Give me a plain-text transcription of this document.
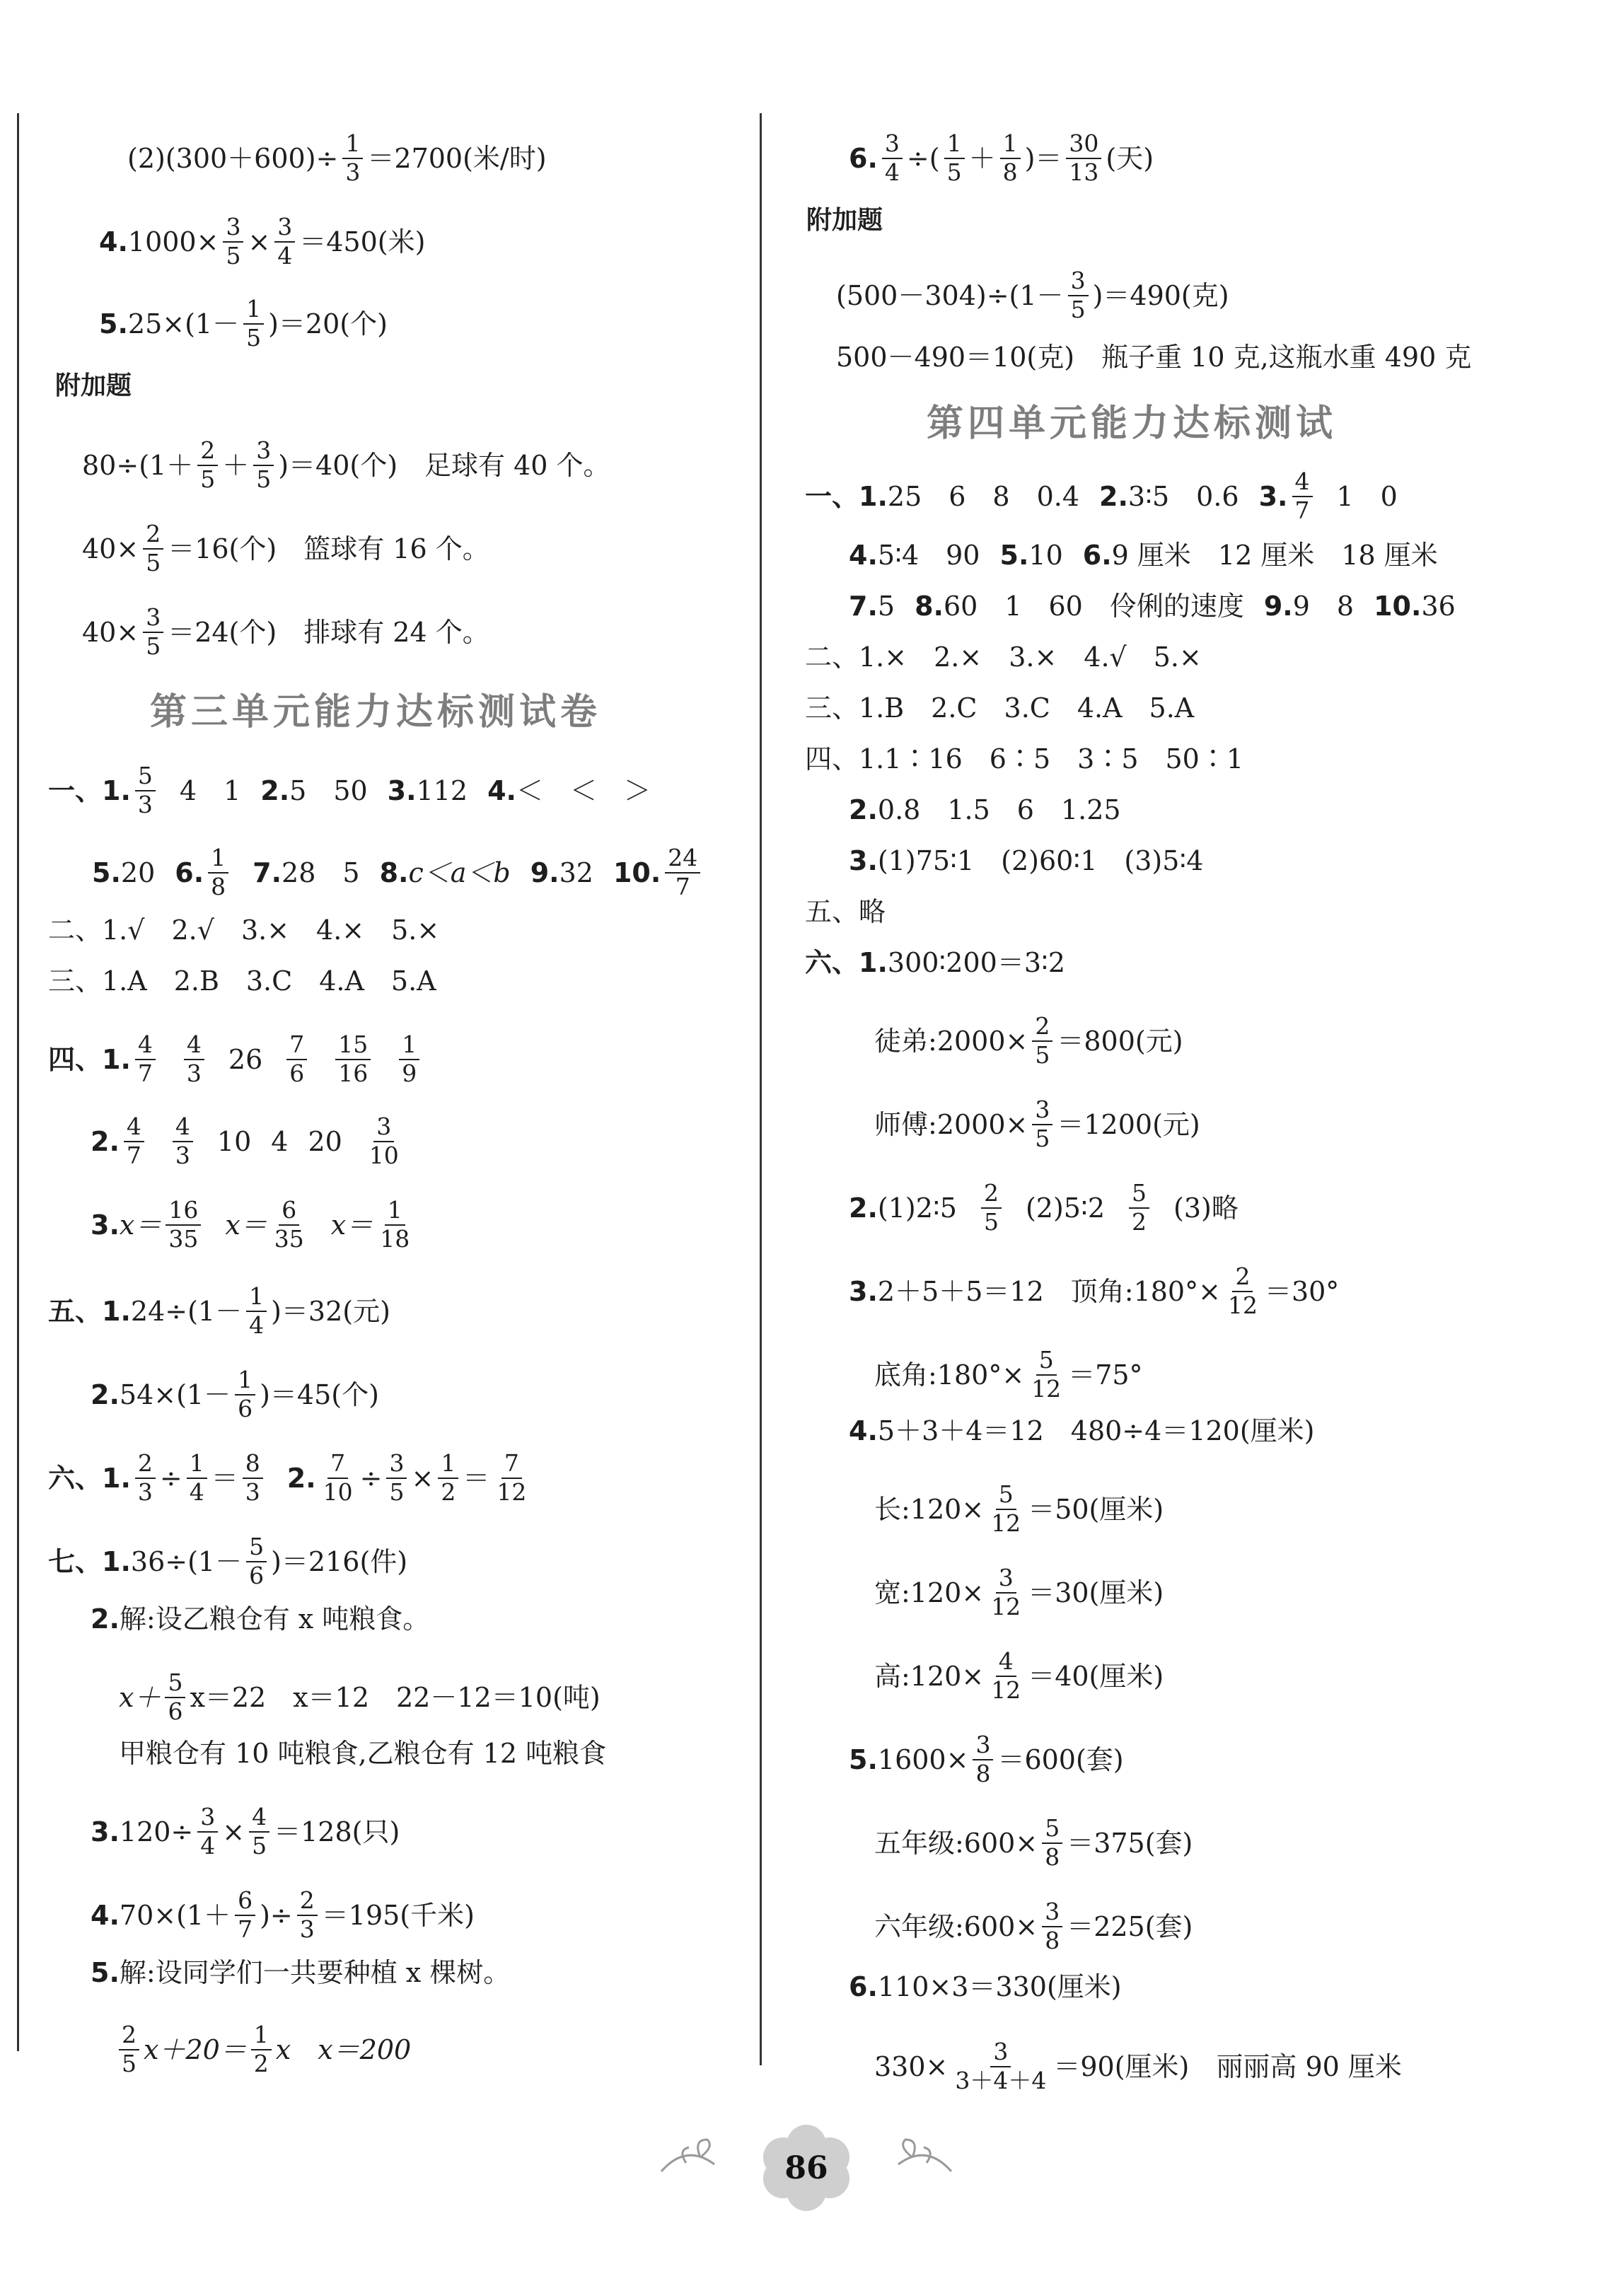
$(2)(300+600)\div \frac{1}{3} =2700$(米/时)
4. $1000\times \frac{3}{5} \times \frac{3}{4} =450$(米)
5. $25\times(1- \frac{1}{5} )=20$(个)
附加题
$80\div(1+ \frac{2}{5} + \frac{3}{5} )=40$(个)　足球有 40 个。
$40\times \frac{2}{5} =16$(个)　篮球有 16 个。
$40\times \frac{3}{5} =24$(个)　排球有 24 个。
第三单元能力达标测试卷
一、1. $\frac{5}{3} 4$　1 2. 5　50 3. 112 4. ＜　＜　＞
5. 20 6. $\frac{1}{8} 7$. 28　5 8. c＜a＜b 9. 32 10. $\frac{24}{7}$
二、1.√　2.√　3.×　4.×　5.×
三、1.A　2.B　3.C　4.A　5.A
四、1. $\frac{4}{7} \frac{4}{3} 26 \frac{7}{6} \frac{15}{16} \frac{1}{9}$
2. $\frac{4}{7} \frac{4}{3} 10$ 4 $20 \frac{3}{10}$
3. $x= \frac{16}{35} x= \frac{6}{35} x= \frac{1}{18}$
五、1. $24\div(1- \frac{1}{4} )=32$(元)
2. $54\times(1- \frac{1}{6} )=45$(个)
六、1. $\frac{2}{3} \div \frac{1}{4} = \frac{8}{3} 2$. $\frac{7}{10} \div \frac{3}{5} \times \frac{1}{2} = \frac{7}{12}$
七、1. $36\div(1- \frac{5}{6} )=216$(件)
2. 解:设乙粮仓有 x 吨粮食。
$x+ \frac{5}{6} x=22$　x＝12　22－12＝10(吨)
甲粮仓有 10 吨粮食,乙粮仓有 12 吨粮食
3. $120\div \frac{3}{4} \times \frac{4}{5} =128$(只)
4. $70\times(1+ \frac{6}{7}$ )÷ $\frac{2}{3} =195$(千米)
5. 解:设同学们一共要种植 x 棵树。
$\frac{2}{5} x+20= \frac{1}{2}$ x　x＝200
6. $\frac{3}{4}$ ÷( $\frac{1}{5} + \frac{1}{8}$ )＝ $\frac{30}{13}$ (天)
附加题
$(500-304)\div(1- \frac{3}{5} )=490$(克)
500－490＝10(克)　瓶子重 10 克,这瓶水重 490 克
第四单元能力达标测试
一、1. 25　6　8　0.4 2. 3∶5　0.6 3. $\frac{4}{7} 1$　0
4. 5∶4　90 5. 10 6. 9 厘米　12 厘米　18 厘米
7. 5 8. 60　1　60　伶俐的速度 9. 9　8 10. 36
二、1.×　2.×　3.×　4.√　5.×
三、1.B　2.C　3.C　4.A　5.A
四、1.1∶16　6∶5　3∶5　50∶1
2. 0.8　1.5　6　1.25
3. (1)75∶1　(2)60∶1　(3)5∶4
五、略
六、1. 300∶200＝3∶2
徒弟:2000× $\frac{2}{5} =800$(元)
师傅:2000× $\frac{3}{5} =1200$(元)
2. (1)2∶5 $\frac{2}{5}$ (2)5∶2 $\frac{5}{2} (3)$略
3. 2＋5＋5＝12　顶角:180°× $\frac{2}{12} =30^\circ$
底角:180°× $\frac{5}{12} =75^\circ$
4. 5＋3＋4＝12　480÷4＝120(厘米)
长:120× $\frac{5}{12} =50$(厘米)
宽:120× $\frac{3}{12} =30$(厘米)
高:120× $\frac{4}{12} =40$(厘米)
5. $1600\times \frac{3}{8} =600$(套)
五年级:600× $\frac{5}{8} =375$(套)
六年级:600× $\frac{3}{8} =225$(套)
6. 110×3＝330(厘米)
$330\times \frac{3}{3+4+4} =90$(厘米)　丽丽高 90 厘米
86
